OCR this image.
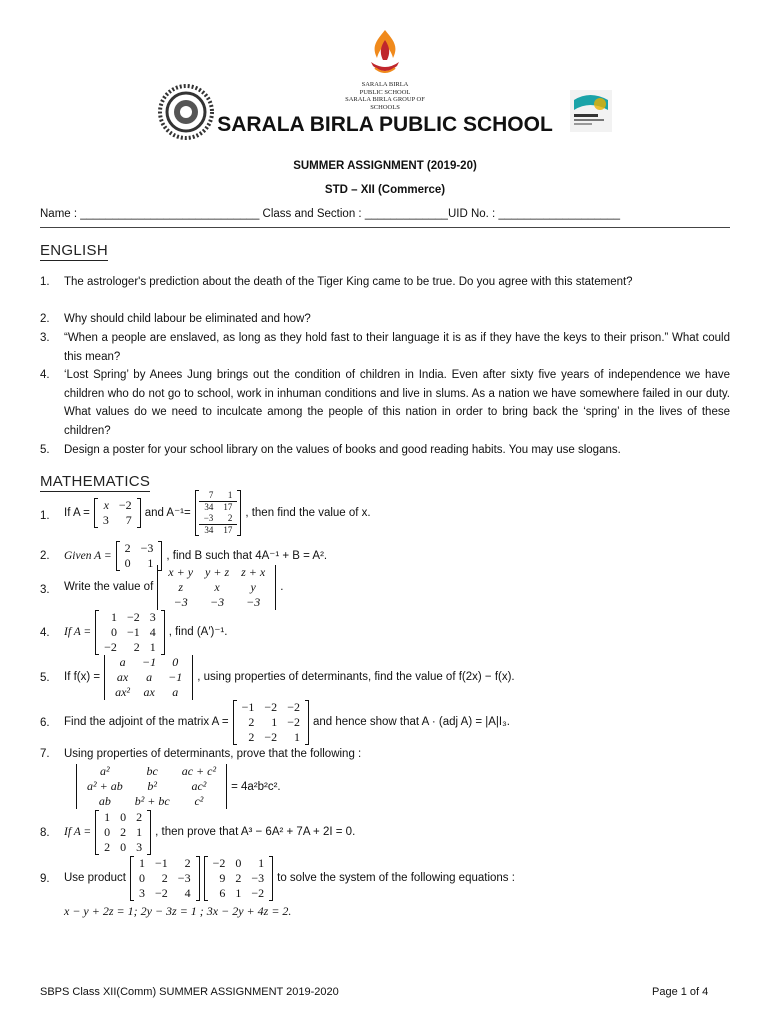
SARALA BIRLA
PUBLIC SCHOOL
SARALA BIRLA GROUP OF SCHOOLS
SARALA BIRLA PUBLIC SCHOOL
SUMMER ASSIGNMENT (2019-20)
STD – XII (Commerce)
Name : ____________________________ Class and Section : _____________UID No. : ___________________
ENGLISH
1.	The astrologer's prediction about the death of the Tiger King came to be true. Do you agree with this statement?
2.	Why should child labour be eliminated and how?
3.	“When a people are enslaved, as long as they hold fast to their language it is as if they have the keys to their prison.” What could this mean?
4.	‘Lost Spring’ by Anees Jung brings out the condition of children in India. Even after sixty five years of independence we have children who do not go to school, work in inhuman conditions and live in slums. As a nation we have somewhere failed in our duty. What values do we need to inculcate among the people of this nation in order to bring back the ‘spring’ in the lives of these children?
5.	Design a poster for your school library on the values of books and good reading habits. You may use slogans.
MATHEMATICS
1.	If A =
x	−2
3	7
and A⁻¹=
7	1
34	17
−3	2
34	17
, then find the value of x.
2.	Given A =
2	−3
0	1
, find B such that 4A⁻¹ + B = A².
3.	Write the value of
x + y	y + z	z + x
z	x	y
−3	−3	−3
.
4.	If A =
1	−2	3
0	−1	4
−2	2	1
, find (A′)⁻¹.
5.	If f(x) =
a	−1	0
ax	a	−1
ax²	ax	a
, using properties of determinants, find the value of f(2x) − f(x).
6.	Find the adjoint of the matrix A =
−1	−2	−2
2	1	−2
2	−2	1
and hence show that A · (adj A) = |A|I₃.
7.	Using properties of determinants, prove that the following :
a²	bc	ac + c²
a² + ab	b²	ac²
ab	b² + bc	c²
= 4a²b²c².
8.	If A =
1	0	2
0	2	1
2	0	3
, then prove that A³ − 6A² + 7A + 2I = 0.
9.	Use product
1	−1	2
0	2	−3
3	−2	4
−2	0	1
9	2	−3
6	1	−2
to solve the system of the following equations :
x − y + 2z = 1; 2y − 3z = 1 ; 3x − 2y + 4z = 2.
SBPS Class XII(Comm) SUMMER ASSIGNMENT 2019-2020	Page 1 of 4
